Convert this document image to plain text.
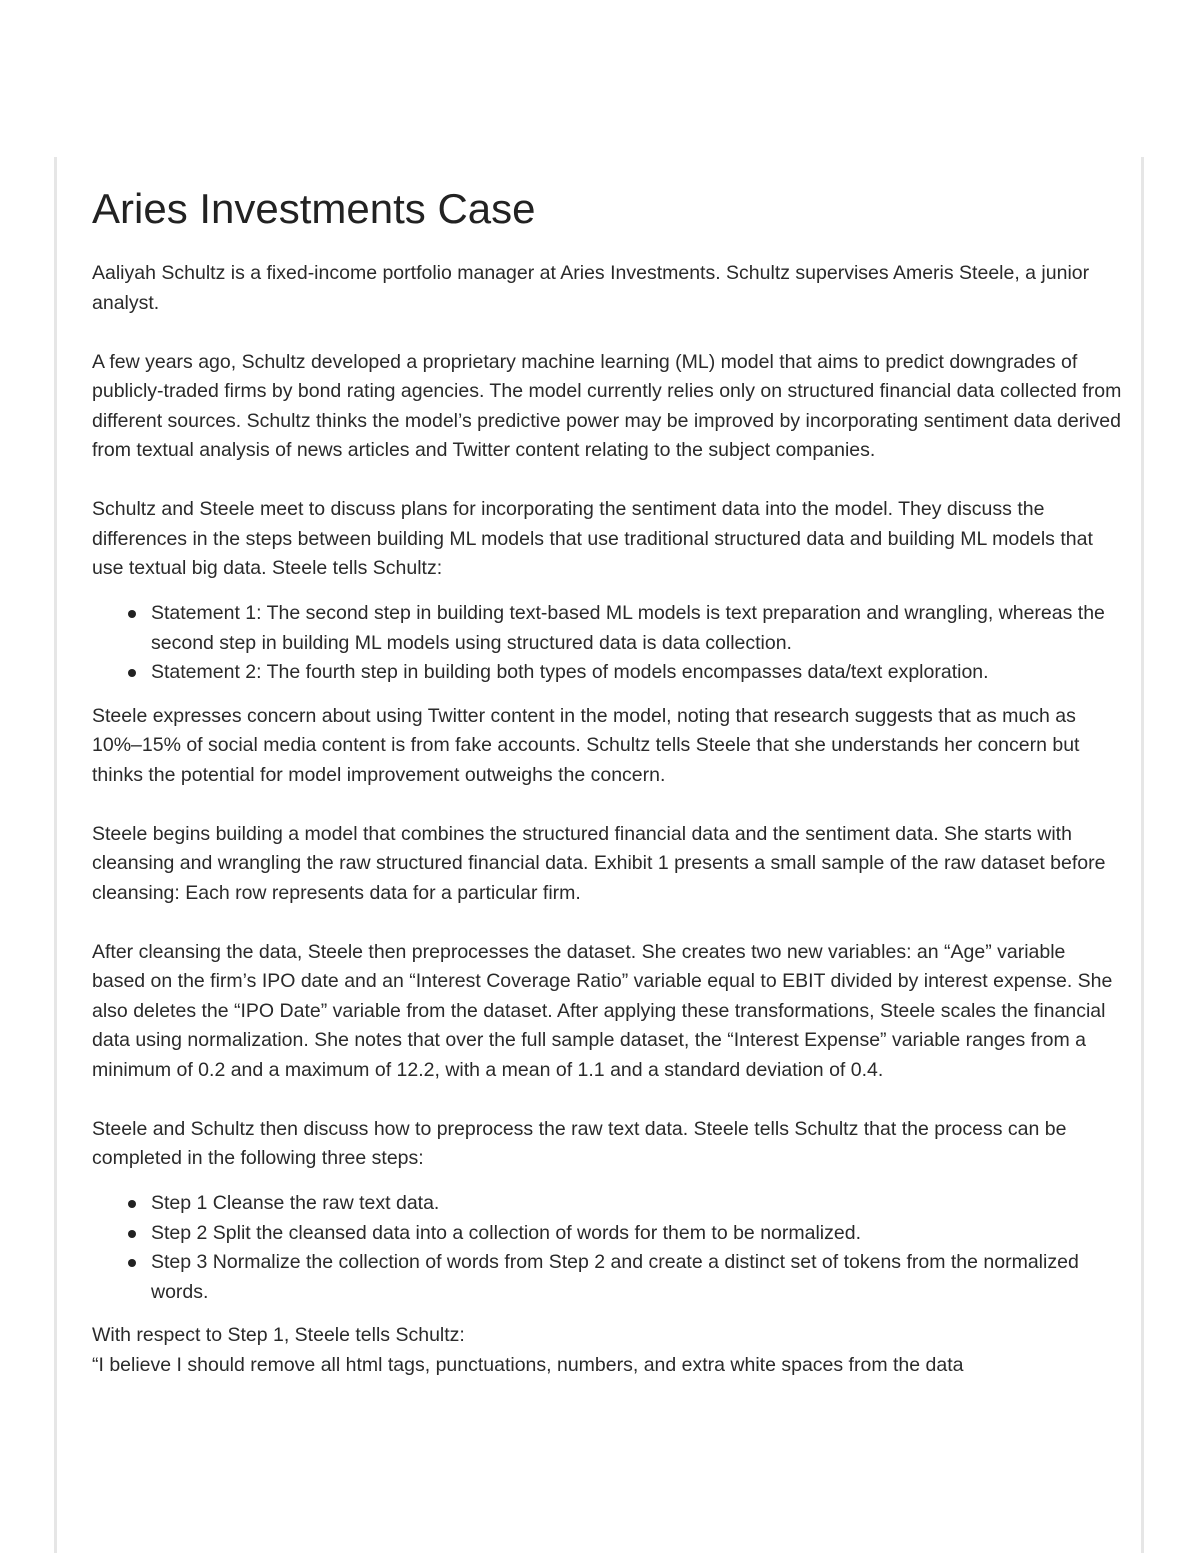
Aries Investments Case

Aaliyah Schultz is a fixed-income portfolio manager at Aries Investments. Schultz supervises Ameris Steele, a junior analyst.

A few years ago, Schultz developed a proprietary machine learning (ML) model that aims to predict downgrades of publicly-traded firms by bond rating agencies. The model currently relies only on structured financial data collected from different sources. Schultz thinks the model’s predictive power may be improved by incorporating sentiment data derived from textual analysis of news articles and Twitter content relating to the subject companies.

Schultz and Steele meet to discuss plans for incorporating the sentiment data into the model. They discuss the differences in the steps between building ML models that use traditional structured data and building ML models that use textual big data. Steele tells Schultz:

Statement 1: The second step in building text-based ML models is text preparation and wrangling, whereas the second step in building ML models using structured data is data collection.
Statement 2: The fourth step in building both types of models encompasses data/text exploration.

Steele expresses concern about using Twitter content in the model, noting that research suggests that as much as 10%–15% of social media content is from fake accounts. Schultz tells Steele that she understands her concern but thinks the potential for model improvement outweighs the concern.

Steele begins building a model that combines the structured financial data and the sentiment data. She starts with cleansing and wrangling the raw structured financial data. Exhibit 1 presents a small sample of the raw dataset before cleansing: Each row represents data for a particular firm.

After cleansing the data, Steele then preprocesses the dataset. She creates two new variables: an “Age” variable based on the firm’s IPO date and an “Interest Coverage Ratio” variable equal to EBIT divided by interest expense. She also deletes the “IPO Date” variable from the dataset. After applying these transformations, Steele scales the financial data using normalization. She notes that over the full sample dataset, the “Interest Expense” variable ranges from a minimum of 0.2 and a maximum of 12.2, with a mean of 1.1 and a standard deviation of 0.4.

Steele and Schultz then discuss how to preprocess the raw text data. Steele tells Schultz that the process can be completed in the following three steps:

Step 1 Cleanse the raw text data.
Step 2 Split the cleansed data into a collection of words for them to be normalized.
Step 3 Normalize the collection of words from Step 2 and create a distinct set of tokens from the normalized words.

With respect to Step 1, Steele tells Schultz:

“I believe I should remove all html tags, punctuations, numbers, and extra white spaces from the data
